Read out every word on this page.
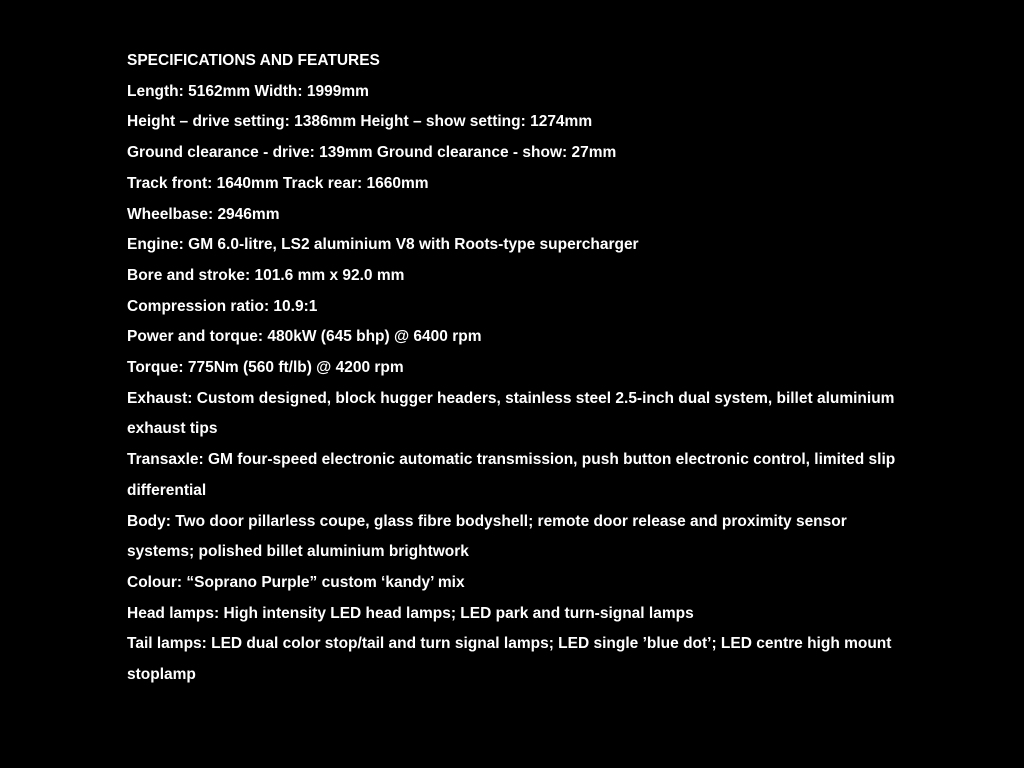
SPECIFICATIONS AND FEATURES

Length: 5162mm Width: 1999mm

Height – drive setting: 1386mm Height – show setting: 1274mm

Ground clearance - drive: 139mm Ground clearance - show: 27mm

Track front: 1640mm Track rear: 1660mm

Wheelbase: 2946mm

Engine: GM 6.0-litre, LS2 aluminium V8 with Roots-type supercharger

Bore and stroke: 101.6 mm x 92.0 mm

Compression ratio: 10.9:1

Power and torque: 480kW (645 bhp) @ 6400 rpm

Torque: 775Nm (560 ft/lb) @ 4200 rpm

Exhaust: Custom designed, block hugger headers, stainless steel 2.5-inch dual system, billet aluminium exhaust tips

Transaxle: GM four-speed electronic automatic transmission, push button electronic control, limited slip differential

Body: Two door pillarless coupe, glass fibre bodyshell; remote door release and proximity sensor systems; polished billet aluminium brightwork

Colour: “Soprano Purple” custom ‘kandy’ mix

Head lamps: High intensity LED head lamps; LED park and turn-signal lamps

Tail lamps: LED dual color stop/tail and turn signal lamps; LED single ’blue dot’; LED centre high mount stoplamp
